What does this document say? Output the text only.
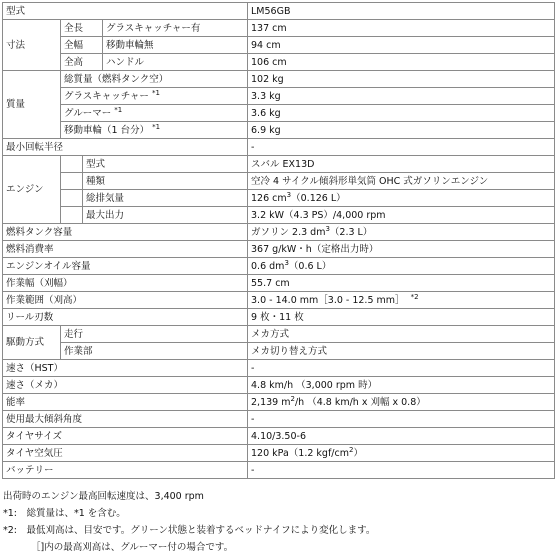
型式				LM56GB
寸法	全長		グラスキャッチャー有	137 cm
	全幅		移動車輪無	94 cm
	全高		ハンドル	106 cm
質量	総質量（燃料タンク空）			102 kg
	グラスキャッチャー $^{*1}$			3.3 kg
	グルーマー $^{*1}$			3.6 kg
	移動車輪（1 台分） $^{*1}$			6.9 kg
最小回転半径				-
エンジン		型式		スバル EX13D
		種類		空冷 4 サイクル傾斜形単気筒 OHC 式ガソリンエンジン
		総排気量		126 $cm^3(0.126$ L）
		最大出力		3.2 kW（4.3 PS）/4,000 rpm
燃料タンク容量				ガソリン 2.3 $dm^3(2.3$ L）
燃料消費率				367 g/kW・h（定格出力時）
エンジンオイル容量				0.6 $dm^3(0.6$ L）
作業幅（刈幅）				55.7 cm
作業範囲（刈高）				3.0 - 14.0 mm［3.0 - 12.5 mm］ $^{*2}$
リール刃数				9 枚・11 枚
駆動方式	走行			メカ方式
	作業部			メカ切り替え方式
速さ（HST）				-
速さ（メカ）				4.8 km/h （3,000 rpm 時）
能率				2,139 $m^2/h$ （4.8 km/h x 刈幅 x 0.8）
使用最大傾斜角度				-
タイヤサイズ				4.10/3.50-6
タイヤ空気圧				120 kPa（1.2 kgf/$cm^2$）
バッテリー				-
出荷時のエンジン最高回転速度は、3,400 rpm
*1:　総質量は、*1 を含む。
*2:　最低刈高は、目安です。グリーン状態と装着するベッドナイフにより変化します。
［]内の最高刈高は、グルーマー付の場合です。
